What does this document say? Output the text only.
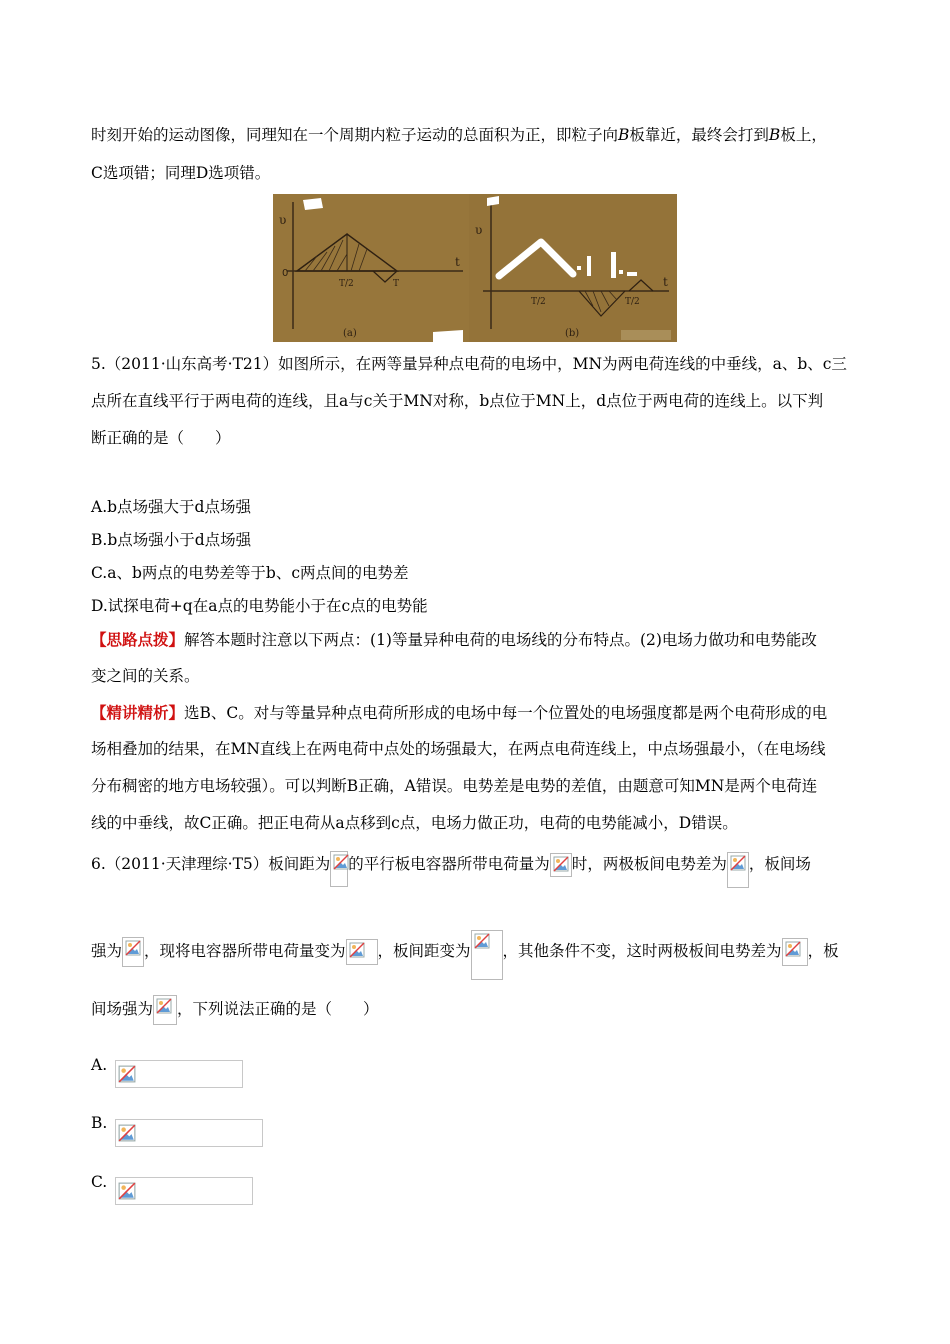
时刻开始的运动图像，同理知在一个周期内粒子运动的总面积为正，即粒子向B板靠近，最终会打到B板上，
C选项错；同理D选项错。
υ
t
0
T/2	T
(a)
υ
t
T/2	T/2
(b)
5.（2011·山东高考·T21）如图所示，在两等量异种点电荷的电场中，MN为两电荷连线的中垂线，a、b、c三
点所在直线平行于两电荷的连线，且a与c关于MN对称，b点位于MN上，d点位于两电荷的连线上。以下判
断正确的是（　　）
A.b点场强大于d点场强
B.b点场强小于d点场强
C.a、b两点的电势差等于b、c两点间的电势差
D.试探电荷+q在a点的电势能小于在c点的电势能
【思路点拨】解答本题时注意以下两点：(1)等量异种电荷的电场线的分布特点。(2)电场力做功和电势能改
变之间的关系。
【精讲精析】选B、C。对与等量异种点电荷所形成的电场中每一个位置处的电场强度都是两个电荷形成的电
场相叠加的结果，在MN直线上在两电荷中点处的场强最大，在两点电荷连线上，中点场强最小，（在电场线
分布稠密的地方电场较强）。可以判断B正确，A错误。电势差是电势的差值，由题意可知MN是两个电荷连
线的中垂线，故C正确。把正电荷从a点移到c点，电场力做正功，电荷的电势能减小，D错误。
6.（2011·天津理综·T5）板间距为 的平行板电容器所带电荷量为 时，两极板间电势差为 ，板间场
强为 ，现将电容器所带电荷量变为 ，板间距变为 ，其他条件不变，这时两极板间电势差为 ，板
间场强为 ，下列说法正确的是（　　）
A.
B.
C.
